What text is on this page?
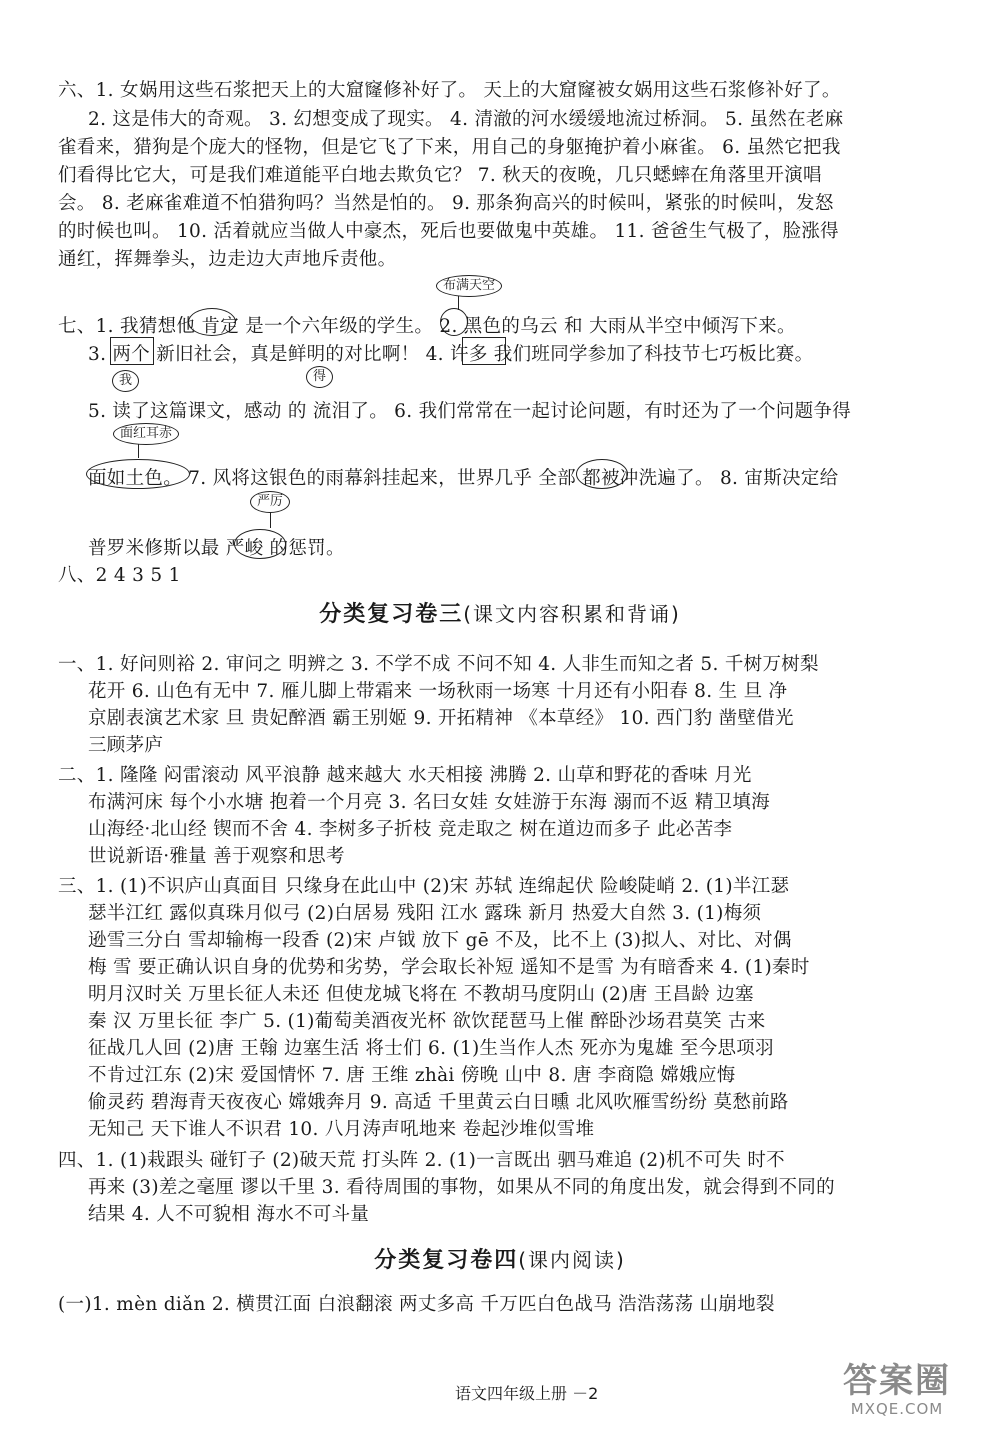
六、1. 女娲用这些石浆把天上的大窟窿修补好了。 天上的大窟窿被女娲用这些石浆修补好了。
2. 这是伟大的奇观。 3. 幻想变成了现实。 4. 清澈的河水缓缓地流过桥洞。 5. 虽然在老麻
雀看来，猎狗是个庞大的怪物，但是它飞了下来，用自己的身躯掩护着小麻雀。 6. 虽然它把我
们看得比它大，可是我们难道能平白地去欺负它？ 7. 秋天的夜晚，几只蟋蟀在角落里开演唱
会。 8. 老麻雀难道不怕猎狗吗？当然是怕的。 9. 那条狗高兴的时候叫，紧张的时候叫，发怒
的时候也叫。 10. 活着就应当做人中豪杰，死后也要做鬼中英雄。 11. 爸爸生气极了，脸涨得
通红，挥舞拳头，边走边大声地斥责他。
布满天空
七、1. 我猜想他 肯定 是一个六年级的学生。 2. 黑色的乌云 和 大雨从半空中倾泻下来。
3. 两个 新旧社会，真是鲜明的对比啊！ 4. 许多 我们班同学参加了科技节七巧板比赛。
我	得
5. 读了这篇课文，感动 的 流泪了。 6. 我们常常在一起讨论问题，有时还为了一个问题争得
面红耳赤
面如土色。 7. 风将这银色的雨幕斜挂起来，世界几乎 全部 都被冲洗遍了。 8. 宙斯决定给
严厉
普罗米修斯以最 严峻 的惩罚。
八、2 4 3 5 1
分类复习卷三(课文内容积累和背诵)
一、1. 好问则裕 2. 审问之 明辨之 3. 不学不成 不问不知 4. 人非生而知之者 5. 千树万树梨
花开 6. 山色有无中 7. 雁儿脚上带霜来 一场秋雨一场寒 十月还有小阳春 8. 生 旦 净
京剧表演艺术家 旦 贵妃醉酒 霸王别姬 9. 开拓精神 《本草经》 10. 西门豹 凿壁借光
三顾茅庐
二、1. 隆隆 闷雷滚动 风平浪静 越来越大 水天相接 沸腾 2. 山草和野花的香味 月光
布满河床 每个小水塘 抱着一个月亮 3. 名曰女娃 女娃游于东海 溺而不返 精卫填海
山海经·北山经 锲而不舍 4. 李树多子折枝 竞走取之 树在道边而多子 此必苦李
世说新语·雅量 善于观察和思考
三、1. (1)不识庐山真面目 只缘身在此山中 (2)宋 苏轼 连绵起伏 险峻陡峭 2. (1)半江瑟
瑟半江红 露似真珠月似弓 (2)白居易 残阳 江水 露珠 新月 热爱大自然 3. (1)梅须
逊雪三分白 雪却输梅一段香 (2)宋 卢钺 放下 gē 不及，比不上 (3)拟人、对比、对偶
梅 雪 要正确认识自身的优势和劣势，学会取长补短 遥知不是雪 为有暗香来 4. (1)秦时
明月汉时关 万里长征人未还 但使龙城飞将在 不教胡马度阴山 (2)唐 王昌龄 边塞
秦 汉 万里长征 李广 5. (1)葡萄美酒夜光杯 欲饮琵琶马上催 醉卧沙场君莫笑 古来
征战几人回 (2)唐 王翰 边塞生活 将士们 6. (1)生当作人杰 死亦为鬼雄 至今思项羽
不肯过江东 (2)宋 爱国情怀 7. 唐 王维 zhài 傍晚 山中 8. 唐 李商隐 嫦娥应悔
偷灵药 碧海青天夜夜心 嫦娥奔月 9. 高适 千里黄云白日曛 北风吹雁雪纷纷 莫愁前路
无知己 天下谁人不识君 10. 八月涛声吼地来 卷起沙堆似雪堆
四、1. (1)栽跟头 碰钉子 (2)破天荒 打头阵 2. (1)一言既出 驷马难追 (2)机不可失 时不
再来 (3)差之毫厘 谬以千里 3. 看待周围的事物，如果从不同的角度出发，就会得到不同的
结果 4. 人不可貌相 海水不可斗量
分类复习卷四(课内阅读)
(一)1. mèn diǎn 2. 横贯江面 白浪翻滚 两丈多高 千万匹白色战马 浩浩荡荡 山崩地裂
语文四年级上册 －2	答案圈
MXQE.COM
